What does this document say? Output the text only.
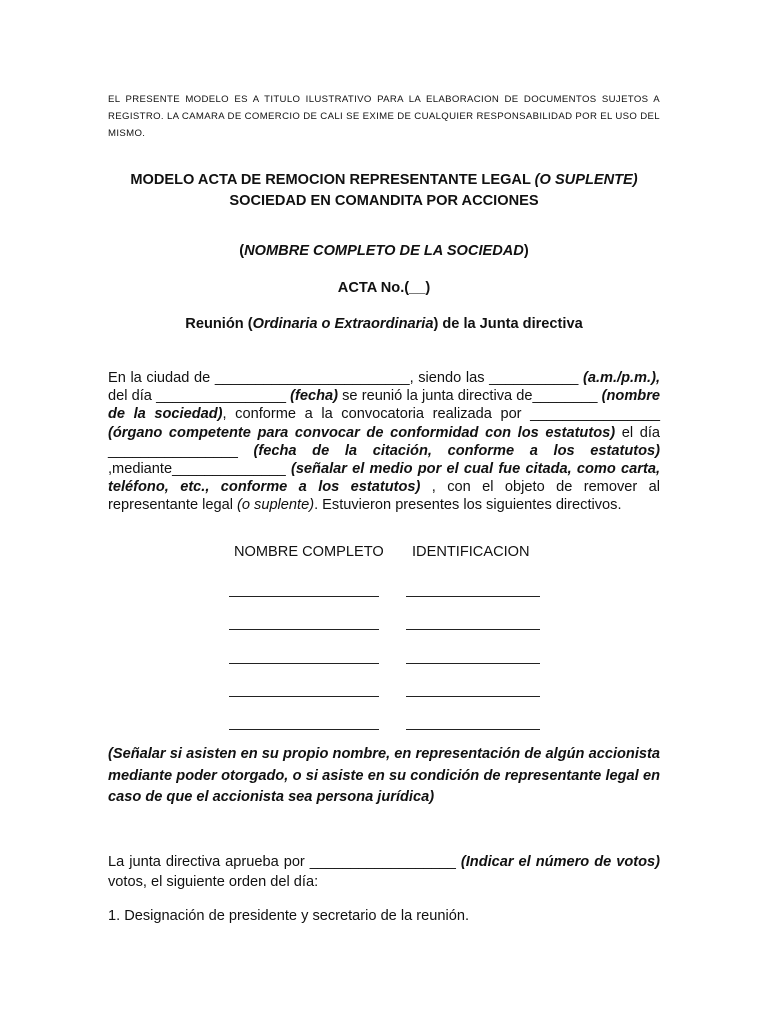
EL PRESENTE MODELO ES A TITULO ILUSTRATIVO PARA LA ELABORACION DE DOCUMENTOS SUJETOS A REGISTRO. LA CAMARA DE COMERCIO DE CALI SE EXIME DE CUALQUIER RESPONSABILIDAD POR EL USO DEL MISMO.

MODELO ACTA DE REMOCION REPRESENTANTE LEGAL (O SUPLENTE)

SOCIEDAD EN COMANDITA POR ACCIONES

(NOMBRE COMPLETO DE LA SOCIEDAD)

ACTA No.(__)

Reunión (Ordinaria o Extraordinaria) de la Junta directiva

En la ciudad de ________________________, siendo las ___________ (a.m./p.m.), del día ________________ (fecha) se reunió la junta directiva de________ (nombre de la sociedad), conforme a la convocatoria realizada por ________________ (órgano competente para convocar de conformidad con los estatutos) el día ________________ (fecha de la citación, conforme a los estatutos) ,mediante______________ (señalar el medio por el cual fue citada, como carta, teléfono, etc., conforme a los estatutos) , con el objeto de remover al representante legal (o suplente). Estuvieron presentes los siguientes directivos.

NOMBRE COMPLETO IDENTIFICACION

(Señalar si asisten en su propio nombre, en representación de algún accionista mediante poder otorgado, o si asiste en su condición de representante legal en caso de que el accionista sea persona jurídica)

La junta directiva aprueba por __________________ (Indicar el número de votos) votos, el siguiente orden del día:

1. Designación de presidente y secretario de la reunión.
